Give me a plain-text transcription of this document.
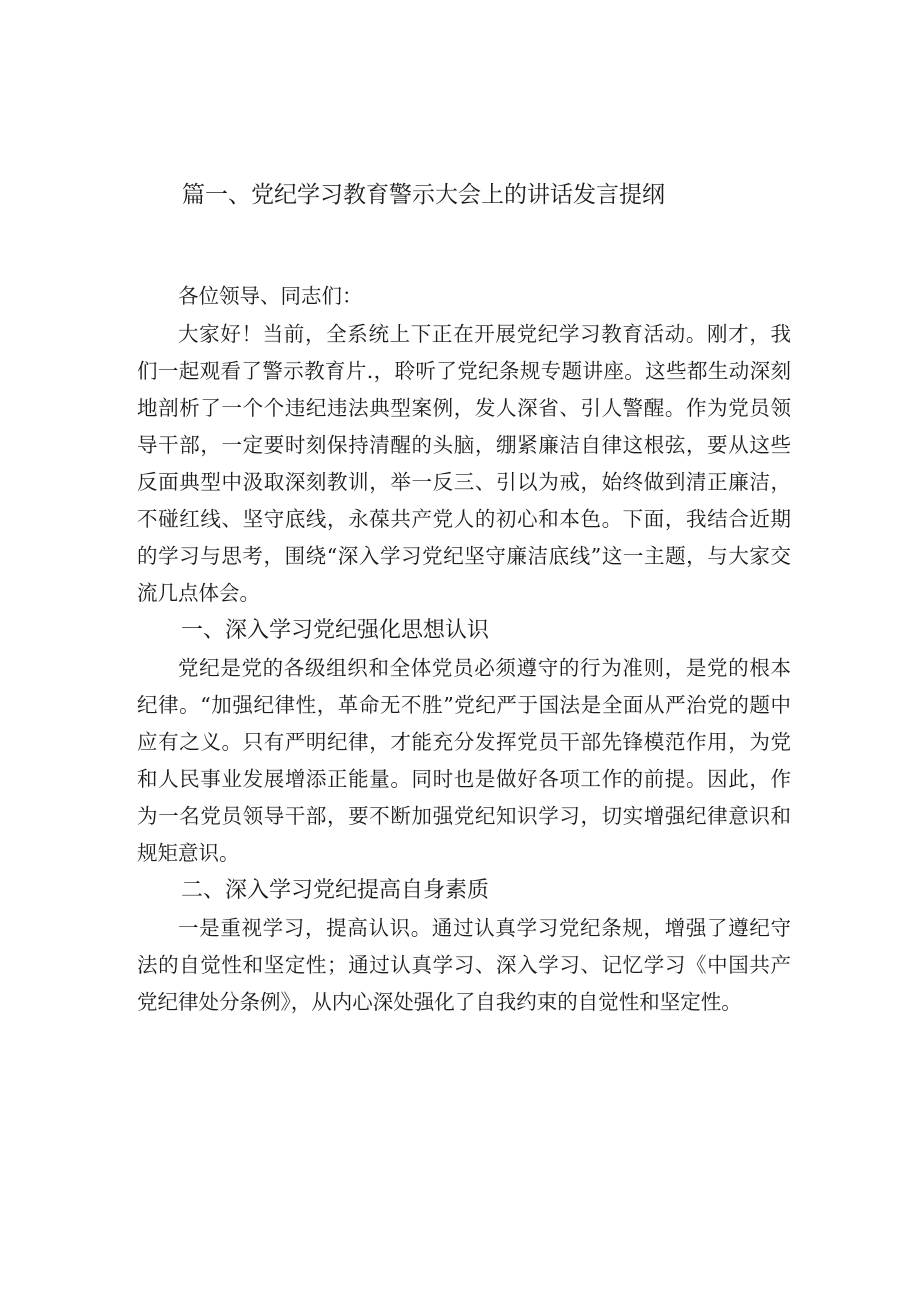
篇一、党纪学习教育警示大会上的讲话发言提纲

各位领导、同志们：

大家好！当前，全系统上下正在开展党纪学习教育活动。刚才，我们一起观看了警示教育片.，聆听了党纪条规专题讲座。这些都生动深刻地剖析了一个个违纪违法典型案例，发人深省、引人警醒。作为党员领导干部，一定要时刻保持清醒的头脑，绷紧廉洁自律这根弦，要从这些反面典型中汲取深刻教训，举一反三、引以为戒，始终做到清正廉洁，不碰红线、坚守底线，永葆共产党人的初心和本色。下面，我结合近期的学习与思考，围绕“深入学习党纪坚守廉洁底线”这一主题，与大家交流几点体会。

一、深入学习党纪强化思想认识

党纪是党的各级组织和全体党员必须遵守的行为准则，是党的根本纪律。“加强纪律性，革命无不胜”党纪严于国法是全面从严治党的题中应有之义。只有严明纪律，才能充分发挥党员干部先锋模范作用，为党和人民事业发展增添正能量。同时也是做好各项工作的前提。因此，作为一名党员领导干部，要不断加强党纪知识学习，切实增强纪律意识和规矩意识。

二、深入学习党纪提高自身素质

一是重视学习，提高认识。通过认真学习党纪条规，增强了遵纪守法的自觉性和坚定性；通过认真学习、深入学习、记忆学习《中国共产党纪律处分条例》，从内心深处强化了自我约束的自觉性和坚定性。
